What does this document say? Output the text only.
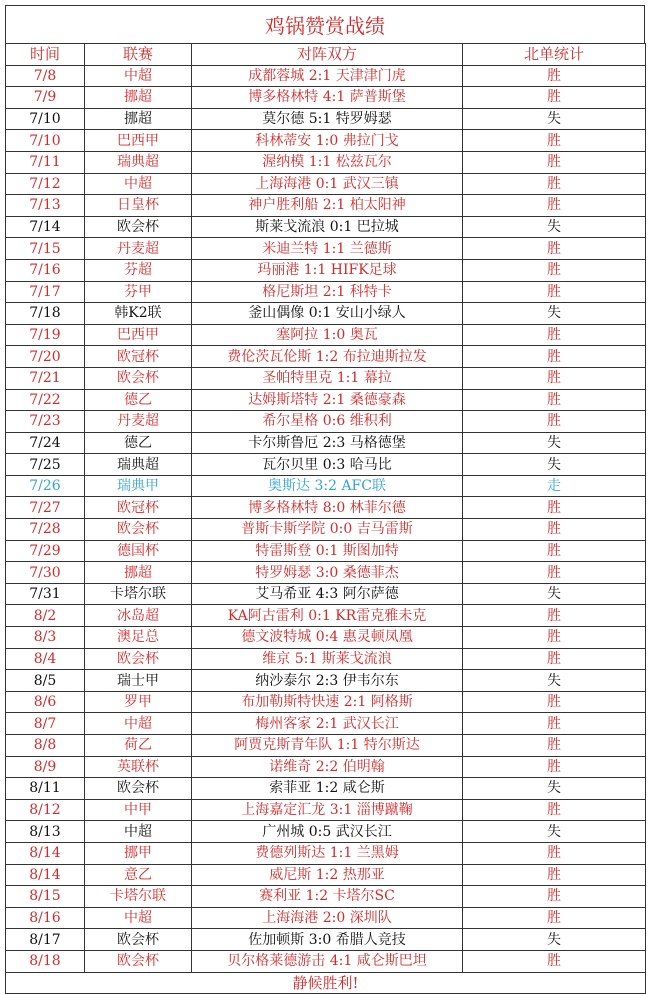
鸡锅赞赏战绩
时间	联赛	对阵双方	北单统计
7/8	中超	成都蓉城 2:1 天津津门虎	胜
7/9	挪超	博多格林特 4:1 萨普斯堡	胜
7/10	挪超	莫尔德 5:1 特罗姆瑟	失
7/10	巴西甲	科林蒂安 1:0 弗拉门戈	胜
7/11	瑞典超	渥纳模 1:1 松兹瓦尔	胜
7/12	中超	上海海港 0:1 武汉三镇	胜
7/13	日皇杯	神户胜利船 2:1 柏太阳神	胜
7/14	欧会杯	斯莱戈流浪 0:1 巴拉城	失
7/15	丹麦超	米迪兰特 1:1 兰德斯	胜
7/16	芬超	玛丽港 1:1 HIFK足球	胜
7/17	芬甲	格尼斯坦 2:1 科特卡	胜
7/18	韩K2联	釜山偶像 0:1 安山小绿人	失
7/19	巴西甲	塞阿拉 1:0 奥瓦	胜
7/20	欧冠杯	费伦茨瓦伦斯 1:2 布拉迪斯拉发	胜
7/21	欧会杯	圣帕特里克 1:1 幕拉	胜
7/22	德乙	达姆斯塔特 2:1 桑德豪森	胜
7/23	丹麦超	希尔星格 0:6 维积利	胜
7/24	德乙	卡尔斯鲁厄 2:3 马格德堡	失
7/25	瑞典超	瓦尔贝里 0:3 哈马比	失
7/26	瑞典甲	奥斯达 3:2 AFC联	走
7/27	欧冠杯	博多格林特 8:0 林菲尔德	胜
7/28	欧会杯	普斯卡斯学院 0:0 吉马雷斯	胜
7/29	德国杯	特雷斯登 0:1 斯图加特	胜
7/30	挪超	特罗姆瑟 3:0 桑德菲杰	胜
7/31	卡塔尔联	艾马希亚 4:3 阿尔萨德	失
8/2	冰岛超	KA阿古雷利 0:1 KR雷克雅未克	胜
8/3	澳足总	德文波特城 0:4 惠灵顿凤凰	胜
8/4	欧会杯	维京 5:1 斯莱戈流浪	胜
8/5	瑞士甲	纳沙泰尔 2:3 伊韦尔东	失
8/6	罗甲	布加勒斯特快速 2:1 阿格斯	胜
8/7	中超	梅州客家 2:1 武汉长江	胜
8/8	荷乙	阿贾克斯青年队 1:1 特尔斯达	胜
8/9	英联杯	诺维奇 2:2 伯明翰	胜
8/11	欧会杯	索菲亚 1:2 咸仑斯	失
8/12	中甲	上海嘉定汇龙 3:1 淄博蹴鞠	胜
8/13	中超	广州城 0:5 武汉长江	失
8/14	挪甲	费德列斯达 1:1 兰黑姆	胜
8/14	意乙	威尼斯 1:2 热那亚	胜
8/15	卡塔尔联	赛利亚 1:2 卡塔尔SC	胜
8/16	中超	上海海港 2:0 深圳队	胜
8/17	欧会杯	佐加顿斯 3:0 希腊人竞技	失
8/18	欧会杯	贝尔格莱德游击 4:1 咸仑斯巴坦	胜
静候胜利!			
